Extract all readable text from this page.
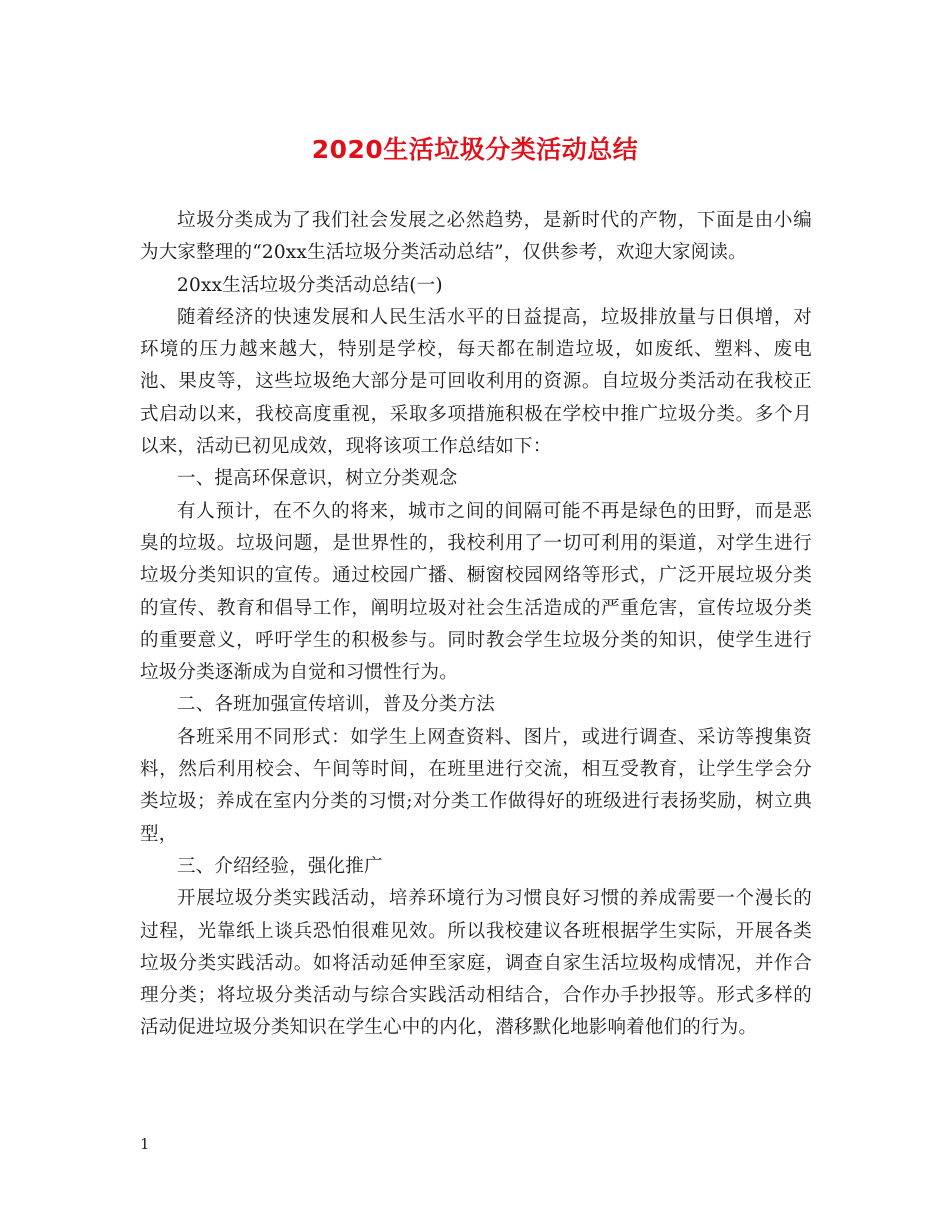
2020生活垃圾分类活动总结

垃圾分类成为了我们社会发展之必然趋势，是新时代的产物，下面是由小编为大家整理的“20xx生活垃圾分类活动总结”，仅供参考，欢迎大家阅读。

20xx生活垃圾分类活动总结(一)

随着经济的快速发展和人民生活水平的日益提高，垃圾排放量与日俱增，对环境的压力越来越大，特别是学校，每天都在制造垃圾，如废纸、塑料、废电池、果皮等，这些垃圾绝大部分是可回收利用的资源。自垃圾分类活动在我校正式启动以来，我校高度重视，采取多项措施积极在学校中推广垃圾分类。多个月以来，活动已初见成效，现将该项工作总结如下：

一、提高环保意识，树立分类观念

有人预计，在不久的将来，城市之间的间隔可能不再是绿色的田野，而是恶臭的垃圾。垃圾问题，是世界性的，我校利用了一切可利用的渠道，对学生进行垃圾分类知识的宣传。通过校园广播、橱窗校园网络等形式，广泛开展垃圾分类的宣传、教育和倡导工作，阐明垃圾对社会生活造成的严重危害，宣传垃圾分类的重要意义，呼吁学生的积极参与。同时教会学生垃圾分类的知识，使学生进行垃圾分类逐渐成为自觉和习惯性行为。

二、各班加强宣传培训，普及分类方法

各班采用不同形式：如学生上网查资料、图片，或进行调查、采访等搜集资料，然后利用校会、午间等时间，在班里进行交流，相互受教育，让学生学会分类垃圾；养成在室内分类的习惯;对分类工作做得好的班级进行表扬奖励，树立典型，

三、介绍经验，强化推广

开展垃圾分类实践活动，培养环境行为习惯良好习惯的养成需要一个漫长的过程，光靠纸上谈兵恐怕很难见效。所以我校建议各班根据学生实际，开展各类垃圾分类实践活动。如将活动延伸至家庭，调查自家生活垃圾构成情况，并作合理分类；将垃圾分类活动与综合实践活动相结合，合作办手抄报等。形式多样的活动促进垃圾分类知识在学生心中的内化，潜移默化地影响着他们的行为。

1
